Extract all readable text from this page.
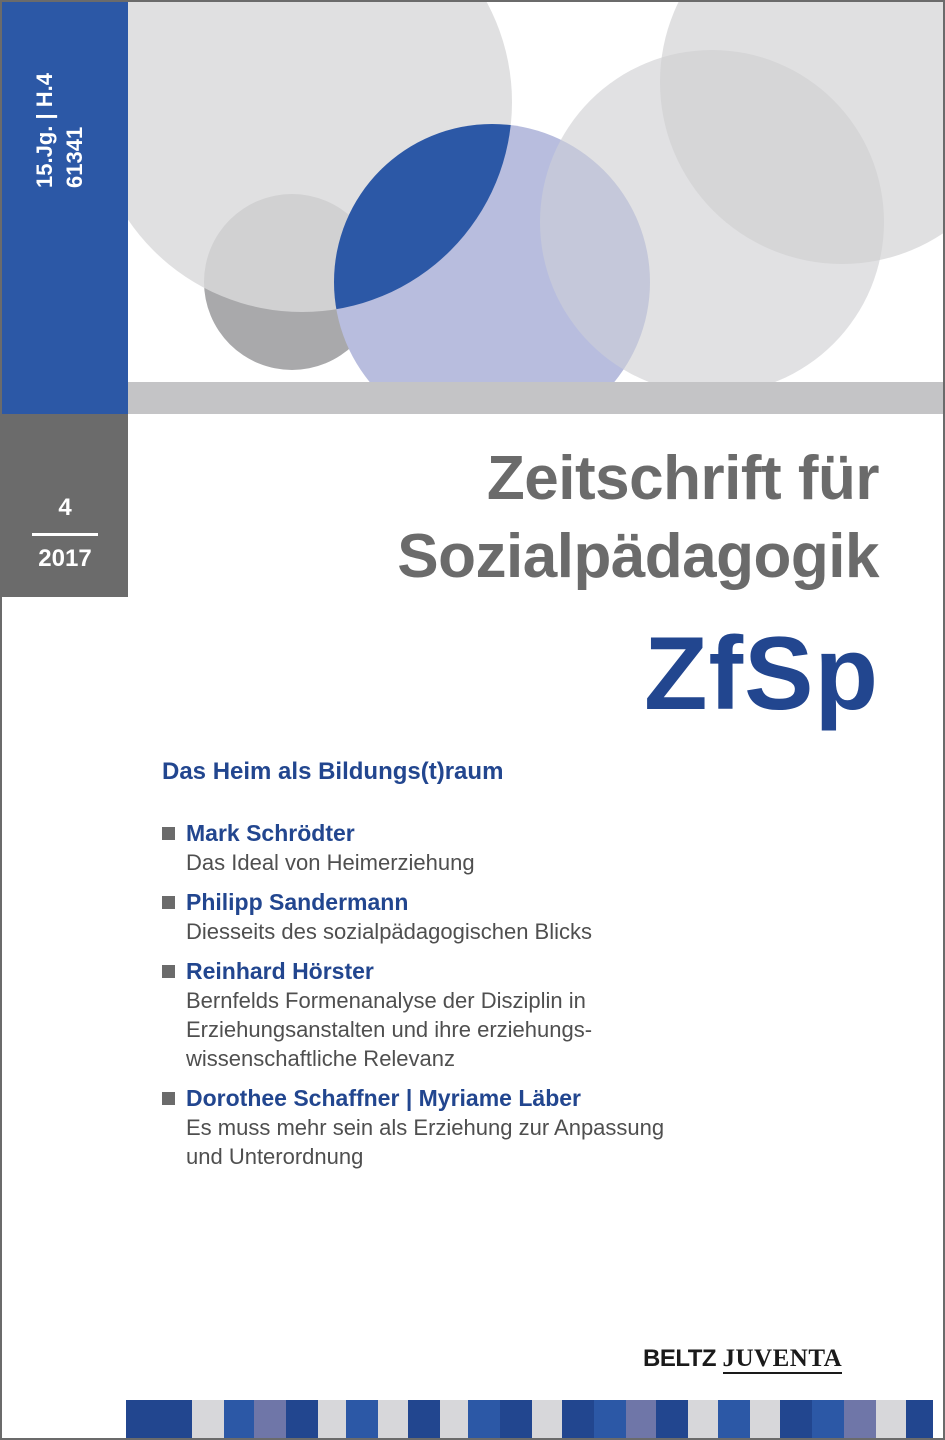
15.Jg. | H.4 61341
4
2017
Zeitschrift für
Sozialpädagogik
ZfSp
Das Heim als Bildungs(t)raum
Mark Schrödter
Das Ideal von Heimerziehung
Philipp Sandermann
Diesseits des sozialpädagogischen Blicks
Reinhard Hörster
Bernfelds Formenanalyse der Disziplin in
Erziehungsanstalten und ihre erziehungs-
wissenschaftliche Relevanz
Dorothee Schaffner | Myriame Läber
Es muss mehr sein als Erziehung zur Anpassung
und Unterordnung
BELTZ JUVENTA
